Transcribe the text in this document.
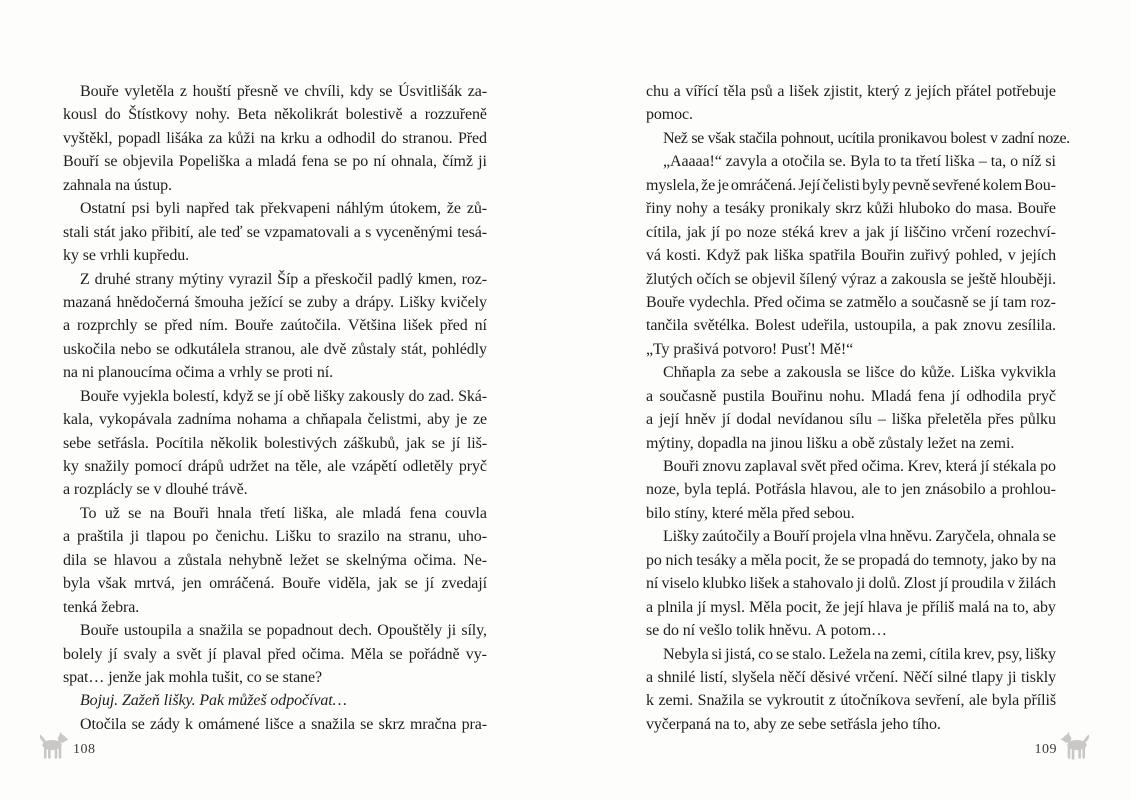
Bouře vyletěla z houští přesně ve chvíli, kdy se Úsvitlišák za-
kousl do Štístkovy nohy. Beta několikrát bolestivě a rozzuřeně
vyštěkl, popadl lišáka za kůži na krku a odhodil do stranou. Před
Bouří se objevila Popeliška a mladá fena se po ní ohnala, čímž ji
zahnala na ústup.
Ostatní psi byli napřed tak překvapeni náhlým útokem, že zů-
stali stát jako přibití, ale teď se vzpamatovali a s vyceněnými tesá-
ky se vrhli kupředu.
Z druhé strany mýtiny vyrazil Šíp a přeskočil padlý kmen, roz-
mazaná hnědočerná šmouha ježící se zuby a drápy. Lišky kvičely
a rozprchly se před ním. Bouře zaútočila. Většina lišek před ní
uskočila nebo se odkutálela stranou, ale dvě zůstaly stát, pohlédly
na ni planoucíma očima a vrhly se proti ní.
Bouře vyjekla bolestí, když se jí obě lišky zakously do zad. Ská-
kala, vykopávala zadníma nohama a chňapala čelistmi, aby je ze
sebe setřásla. Pocítila několik bolestivých záškubů, jak se jí liš-
ky snažily pomocí drápů udržet na těle, ale vzápětí odletěly pryč
a rozplácly se v dlouhé trávě.
To už se na Bouři hnala třetí liška, ale mladá fena couvla
a praštila ji tlapou po čenichu. Lišku to srazilo na stranu, uho-
dila se hlavou a zůstala nehybně ležet se skelnýma očima. Ne-
byla však mrtvá, jen omráčená. Bouře viděla, jak se jí zvedají
tenká žebra.
Bouře ustoupila a snažila se popadnout dech. Opouštěly ji síly,
bolely jí svaly a svět jí plaval před očima. Měla se pořádně vy-
spat… jenže jak mohla tušit, co se stane?
Bojuj. Zažeň lišky. Pak můžeš odpočívat…
Otočila se zády k omámené lišce a snažila se skrz mračna pra-
chu a vířící těla psů a lišek zjistit, který z jejích přátel potřebuje
pomoc.
Než se však stačila pohnout, ucítila pronikavou bolest v zadní noze.
„Aaaaa!“ zavyla a otočila se. Byla to ta třetí liška – ta, o níž si
myslela, že je omráčená. Její čelisti byly pevně sevřené kolem Bou-
řiny nohy a tesáky pronikaly skrz kůži hluboko do masa. Bouře
cítila, jak jí po noze stéká krev a jak jí liščino vrčení rozechví-
vá kosti. Když pak liška spatřila Bouřin zuřivý pohled, v jejích
žlutých očích se objevil šílený výraz a zakousla se ještě hlouběji.
Bouře vydechla. Před očima se zatmělo a současně se jí tam roz-
tančila světélka. Bolest udeřila, ustoupila, a pak znovu zesílila.
„Ty prašivá potvoro! Pusť! Mě!“
Chňapla za sebe a zakousla se lišce do kůže. Liška vykvikla
a současně pustila Bouřinu nohu. Mladá fena jí odhodila pryč
a její hněv jí dodal nevídanou sílu – liška přeletěla přes půlku
mýtiny, dopadla na jinou lišku a obě zůstaly ležet na zemi.
Bouři znovu zaplaval svět před očima. Krev, která jí stékala po
noze, byla teplá. Potřásla hlavou, ale to jen znásobilo a prohlou-
bilo stíny, které měla před sebou.
Lišky zaútočily a Bouří projela vlna hněvu. Zaryčela, ohnala se
po nich tesáky a měla pocit, že se propadá do temnoty, jako by na
ní viselo klubko lišek a stahovalo ji dolů. Zlost jí proudila v žilách
a plnila jí mysl. Měla pocit, že její hlava je příliš malá na to, aby
se do ní vešlo tolik hněvu. A potom…
Nebyla si jistá, co se stalo. Ležela na zemi, cítila krev, psy, lišky
a shnilé listí, slyšela něčí děsivé vrčení. Něčí silné tlapy ji tiskly
k zemi. Snažila se vykroutit z útočníkova sevření, ale byla příliš
vyčerpaná na to, aby ze sebe setřásla jeho tího.
108	109
